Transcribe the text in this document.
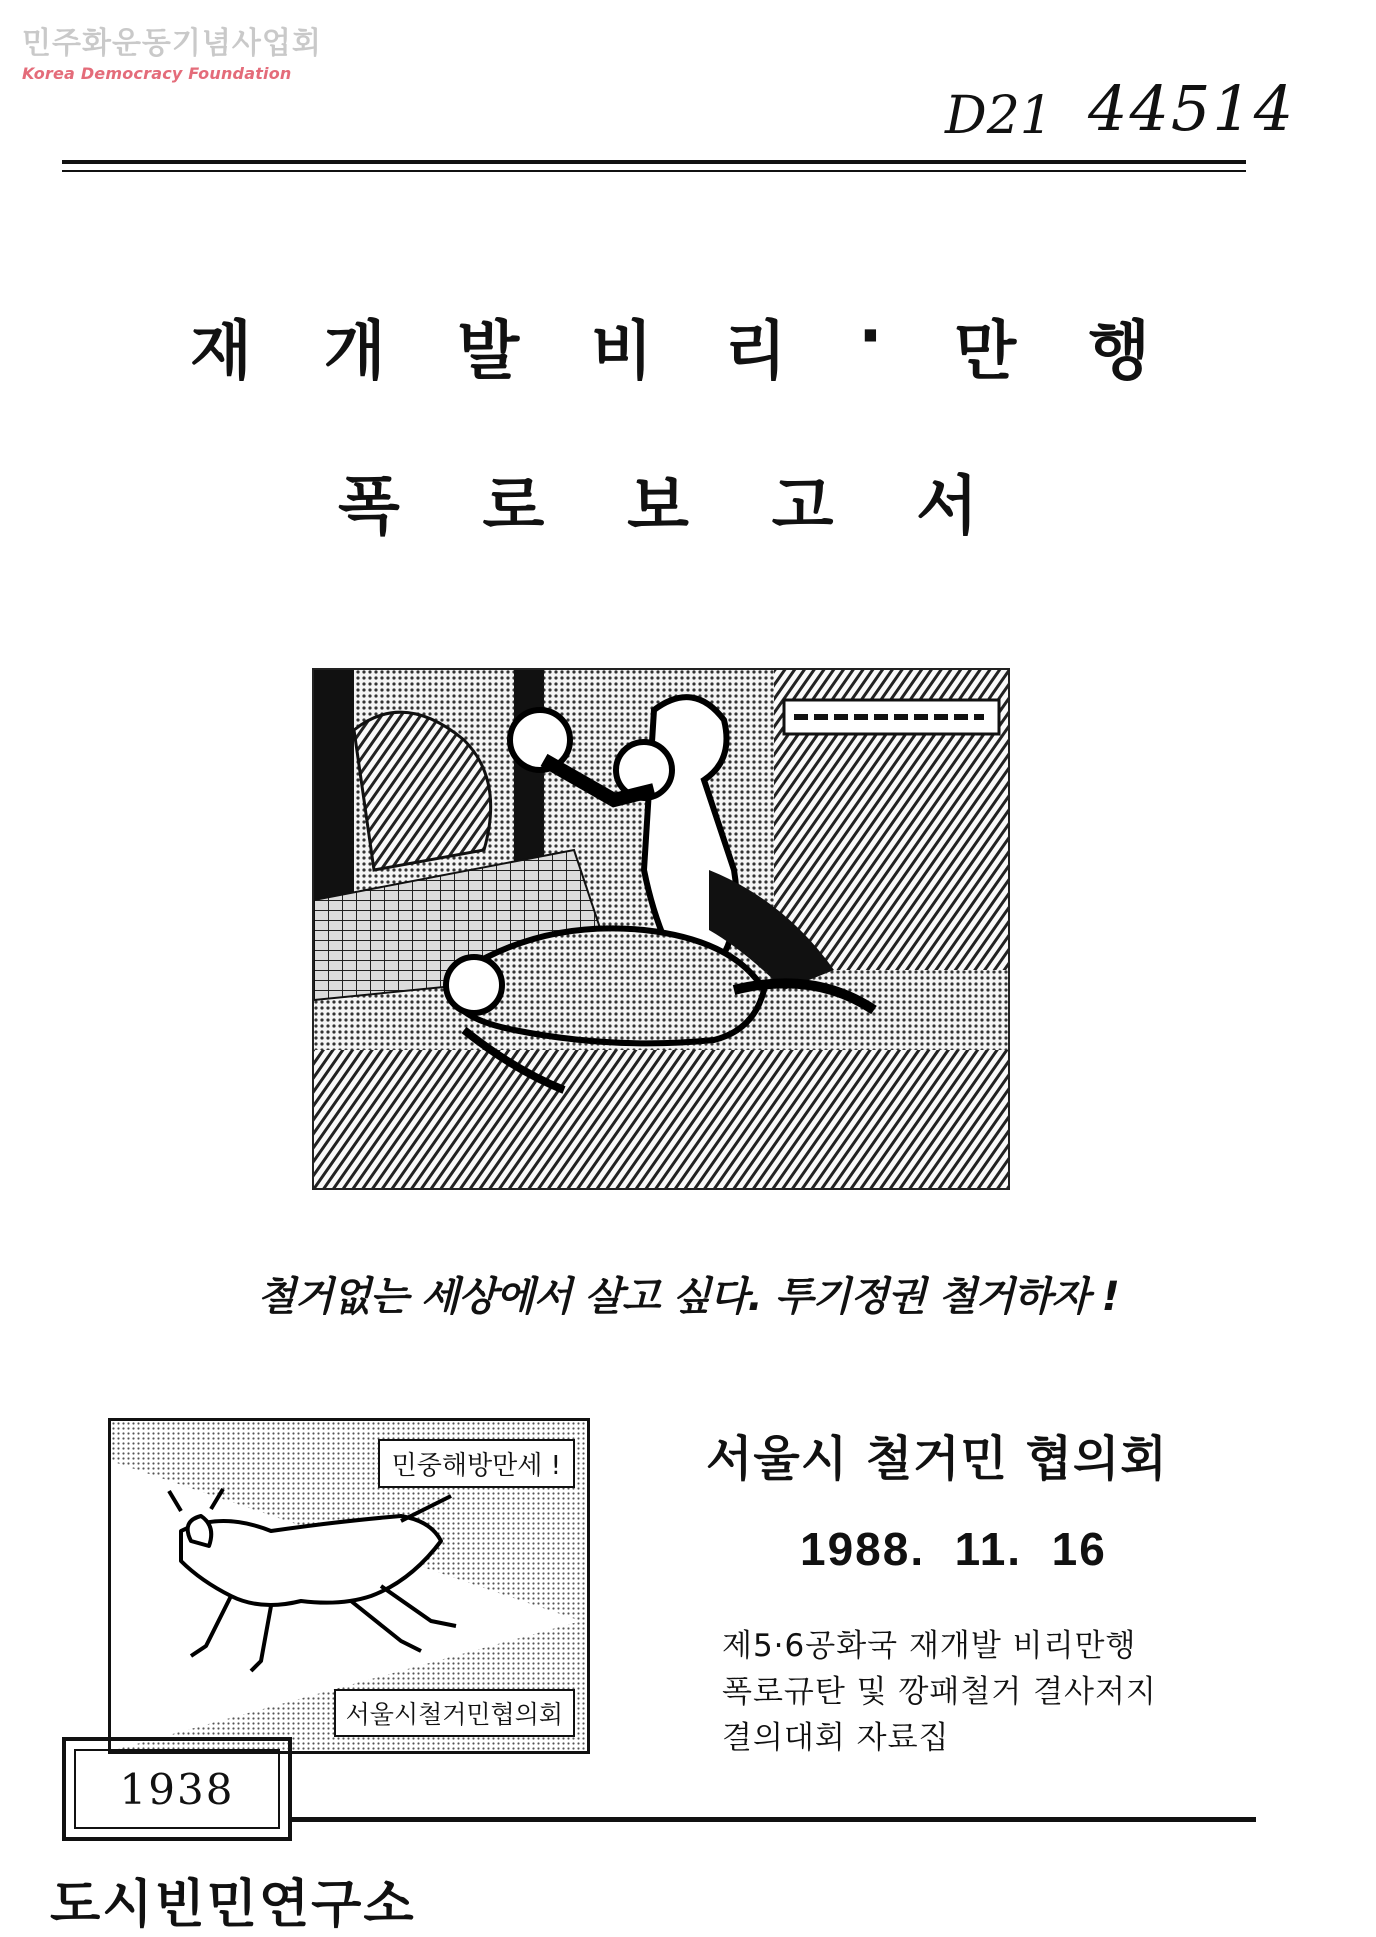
민주화운동기념사업회
Korea Democracy Foundation
D21 44514
재 개 발 비 리 · 만 행
폭 로 보 고 서
철거없는 세상에서 살고 싶다. 투기정권 철거하자 !
민중해방만세 !
서울시철거민협의회
서울시 철거민 협의회
1988.  11.  16
제5·6공화국 재개발 비리만행
폭로규탄 및 깡패철거 결사저지
결의대회 자료집
1938
도시빈민연구소
